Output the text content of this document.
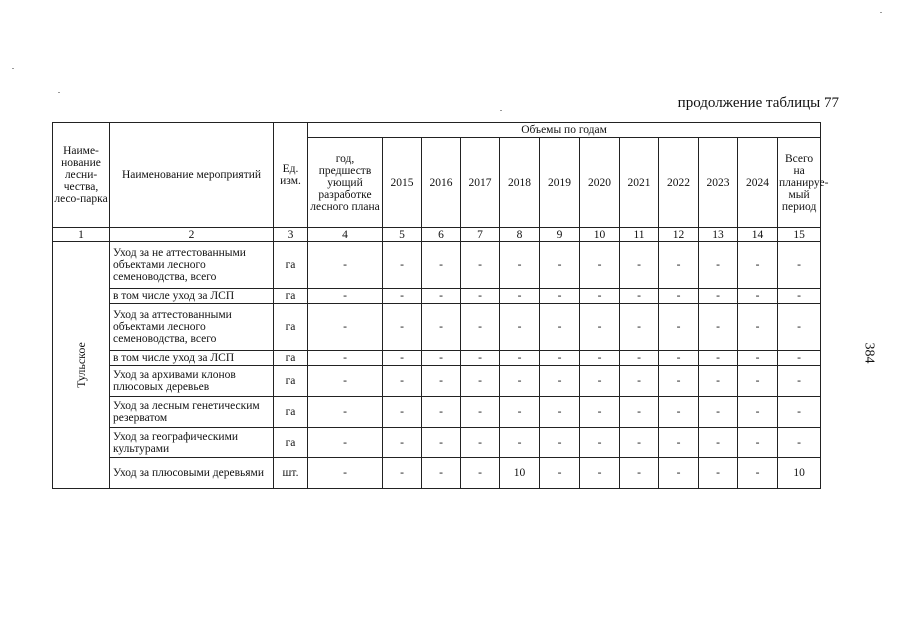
продолжение таблицы 77
384
Наиме-нование лесни-чества, лесо-парка	Наименование мероприятий	Ед. изм.	Объемы по годам											
			год, предшеств ующий разработке лесного плана	2015	2016	2017	2018	2019	2020	2021	2022	2023	2024	Всего на планируе-мый период
1	2	3	4	5	6	7	8	9	10	11	12	13	14	15

Тульское	Уход за не аттестованными объектами лесного семеноводства, всего	га	-	-	-	-	-	-	-	-	-	-	-	-
	в том числе уход за ЛСП	га	-	-	-	-	-	-	-	-	-	-	-	-
	Уход за аттестованными объектами лесного семеноводства, всего	га	-	-	-	-	-	-	-	-	-	-	-	-
	в том числе уход за ЛСП	га	-	-	-	-	-	-	-	-	-	-	-	-
	Уход за архивами клонов плюсовых деревьев	га	-	-	-	-	-	-	-	-	-	-	-	-
	Уход за лесным генетическим резерватом	га	-	-	-	-	-	-	-	-	-	-	-	-
	Уход за географическими культурами	га	-	-	-	-	-	-	-	-	-	-	-	-
	Уход за плюсовыми деревьями	шт.	-	-	-	-	10	-	-	-	-	-	-	10
